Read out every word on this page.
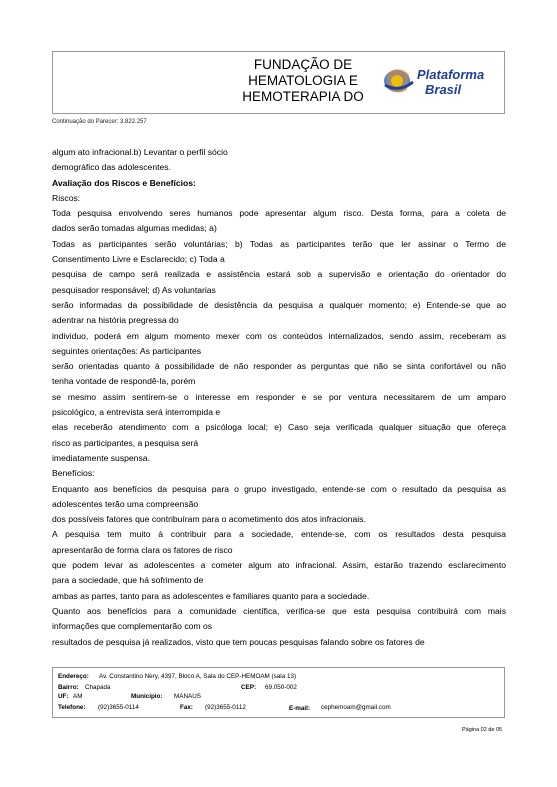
FUNDAÇÃO DE
HEMATOLOGIA E
HEMOTERAPIA DO
Plataforma
Brasil
Continuação do Parecer: 3.822.257
algum ato infracional.b) Levantar o perfil sócio
demográfico das adolescentes.
Avaliação dos Riscos e Benefícios:
Riscos:
Toda pesquisa envolvendo seres humanos pode apresentar algum risco. Desta forma, para a coleta de
dados serão tomadas algumas medidas; a)
Todas as participantes serão voluntárias; b) Todas as participantes terão que ler assinar o Termo de
Consentimento Livre e Esclarecido; c) Toda a
pesquisa de campo será realizada e assistência estará sob a supervisão e orientação do orientador do
pesquisador responsável; d) As voluntarias
serão informadas da possibilidade de desistência da pesquisa a qualquer momento; e) Entende-se que ao
adentrar na história pregressa do
individuo, poderá em algum momento mexer com os conteúdos internalizados, sendo assim, receberam as
seguintes orientações: As participantes
serão orientadas quanto à possibilidade de não responder as perguntas que não se sinta confortável ou não
tenha vontade de respondê-la, porém
se mesmo assim sentirem-se o interesse em responder e se por ventura necessitarem de um amparo
psicológico, a entrevista será interrompida e
elas receberão atendimento com a psicóloga local; e) Caso seja verificada qualquer situação que ofereça
risco as participantes, a pesquisa será
imediatamente suspensa.
Benefícios:
Enquanto aos benefícios da pesquisa para o grupo investigado, entende-se com o resultado da pesquisa as
adolescentes terão uma compreensão
dos possíveis fatores que contribuíram para o acometimento dos atos infracionais.
A pesquisa tem muito à contribuir para a sociedade, entende-se, com os resultados desta pesquisa
apresentarão de forma clara os fatores de risco
que podem levar as adolescentes a cometer algum ato infracional. Assim, estarão trazendo esclarecimento
para a sociedade, que há sofrimento de
ambas as partes, tanto para as adolescentes e familiares quanto para a sociedade.
Quanto aos benefícios para a comunidade científica, verifica-se que esta pesquisa contribuirá com mais
informações que complementarão com os
resultados de pesquisa já realizados, visto que tem poucas pesquisas falando sobre os fatores de
Endereço: Av. Constantino Nery, 4397, Bloco A, Sala do CEP-HEMOAM (sala 13)
Bairro: Chapada	CEP: 69.050-002
UF: AM	Município: MANAUS
Telefone: (92)3655-0114	Fax: (92)3655-0112	E-mail: cephemoam@gmail.com
Página 02 de 05
